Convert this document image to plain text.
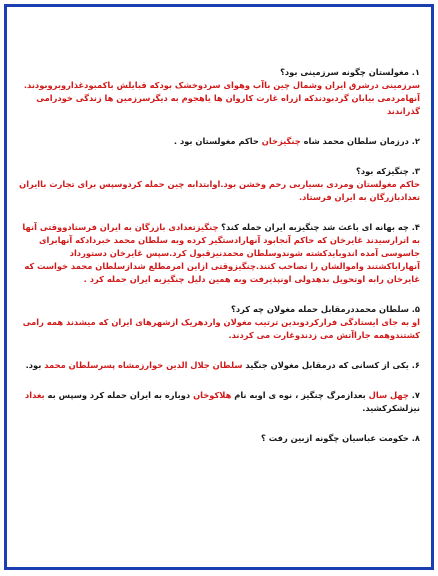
۱. مغولستان چگونه سرزمینی بود؟

سرزمینی درشرق ایران وشمال چین باآب وهوای سردوخشک بودکه قبایلش باکمبودغذاروبروبودند. آنهامردمی بیابان گردبودندکه ازراه غارت کاروان ها یاهجوم به دیگرسرزمین ها زندگی خودرامی گذراندند

۲. درزمان سلطان محمد شاه چنگیزخان حاکم مغولستان بود .

۳. چنگیزکه بود؟

حاکم مغولستان ومردی بسیاربی رحم وخشن بود.اوابتدابه چین حمله کردوسپس برای تجارت باایران تعدادبازرگان به ایران فرستاد.

۴. چه بهانه ای باعث شد چنگیزبه ایران حمله کند؟ چنگیزتعدادی بازرگان به ایران فرستادووقتی آنها به اترارسیدند غایرخان که حاکم آنجابود آنهارادستگیر کرده وبه سلطان محمد خبردادکه آنهابرای جاسوسی آمده اندوبایدکشته شوندوسلطان محمدنیزقبول کرد.سپس غایرخان دستورداد آنهاراباکشتند واموالشان را تصاحب کنند.چنگیزوقتی ازاین امرمطلع شدازسلطان محمد خواست که غایرخان رابه اوتحویل بدهدولی اونپذیرفت وبه همین دلیل چنگیزبه ایران حمله کرد .

۵. سلطان محمددرمقابل حمله مغولان چه کرد؟

او به جای ایستادگی فرارکردوبدین ترتیب مغولان واردهریک ازشهرهای ایران که میشدند همه رامی کشتندوهمه جاراآتش می زدندوغارت می کردند.

۶. یکی از کسانی که درمقابل مغولان جنگید سلطان جلال الدین خوارزمشاه پسرسلطان محمد بود.

۷. چهل سال بعدازمرگ چنگیز ، نوه ی اوبه نام هلاکوخان دوباره به ایران حمله کرد وسپس به بغداد نیزلشکرکشید.

۸. حکومت عباسیان چگونه ازبین رفت ؟
